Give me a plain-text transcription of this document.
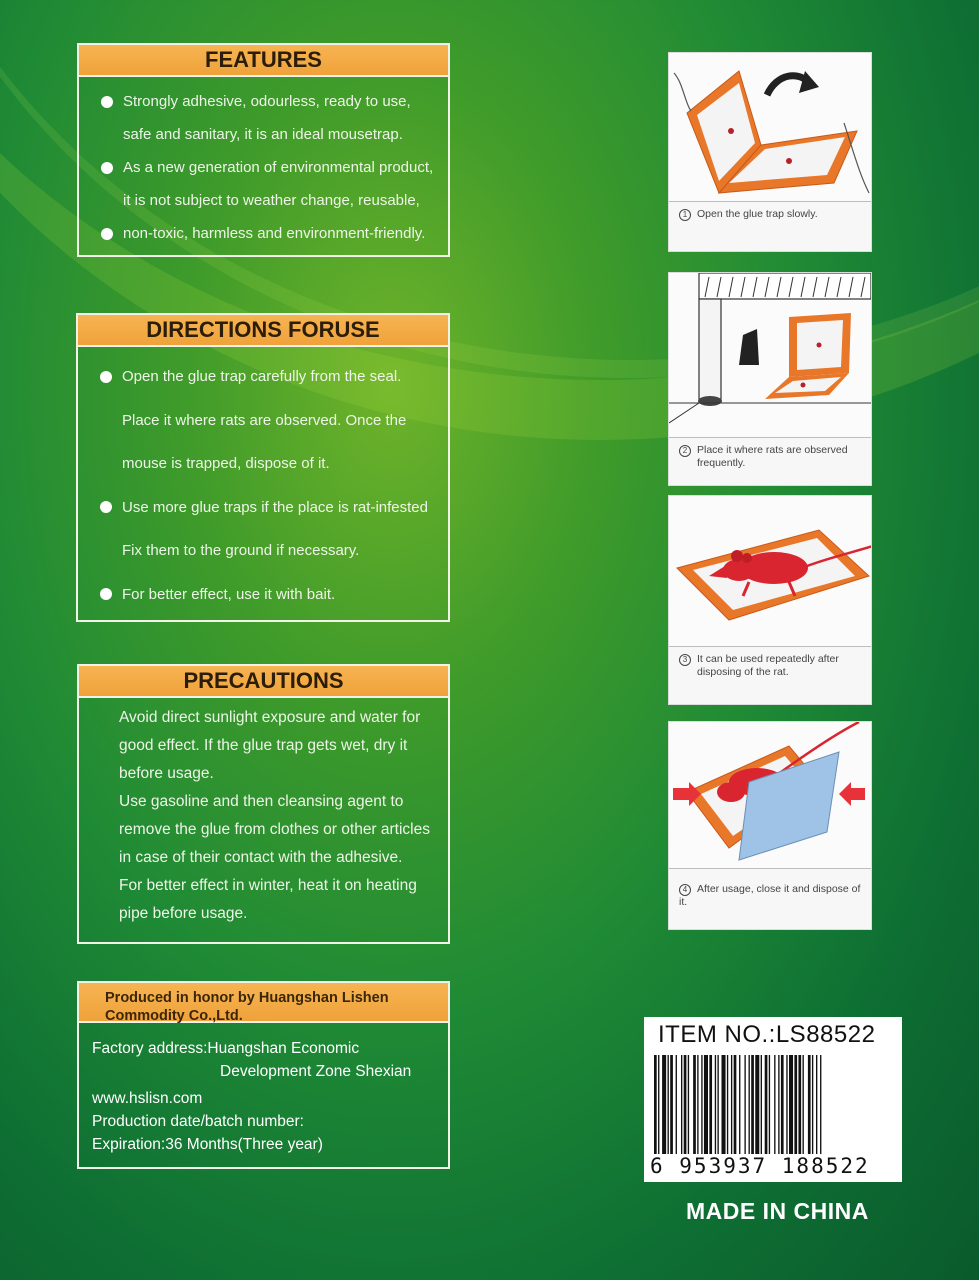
FEATURES
Strongly adhesive, odourless, ready to use,
safe and sanitary, it is an ideal mousetrap.
As a new generation of environmental product,
it is not subject to weather change, reusable,
non-toxic, harmless and environment-friendly.
DIRECTIONS FORUSE
Open the glue trap carefully from the seal.
Place it where rats are observed. Once the
mouse is trapped, dispose of it.
Use more glue traps if the place is rat-infested
Fix them to the ground if necessary.
For better effect, use it with bait.
PRECAUTIONS
Avoid direct sunlight exposure and water for
good effect. If the glue trap gets wet, dry it
before usage.
Use gasoline and then cleansing agent to
remove the glue from clothes or other articles
in case of their contact with the adhesive.
For better effect in winter, heat it on heating
pipe before usage.
Produced in honor by Huangshan Lishen
Commodity Co.,Ltd.
Factory address:Huangshan Economic
Development Zone Shexian
www.hslisn.com
Production date/batch number:
Expiration:36 Months(Three year)
1 Open the glue trap slowly.

2 Place it where rats are observed
frequently.
3 It can be used repeatedly after
disposing of the rat.
4 After usage, close it and dispose of it.
ITEM NO.:LS88522
6 953937 188522
MADE IN CHINA
